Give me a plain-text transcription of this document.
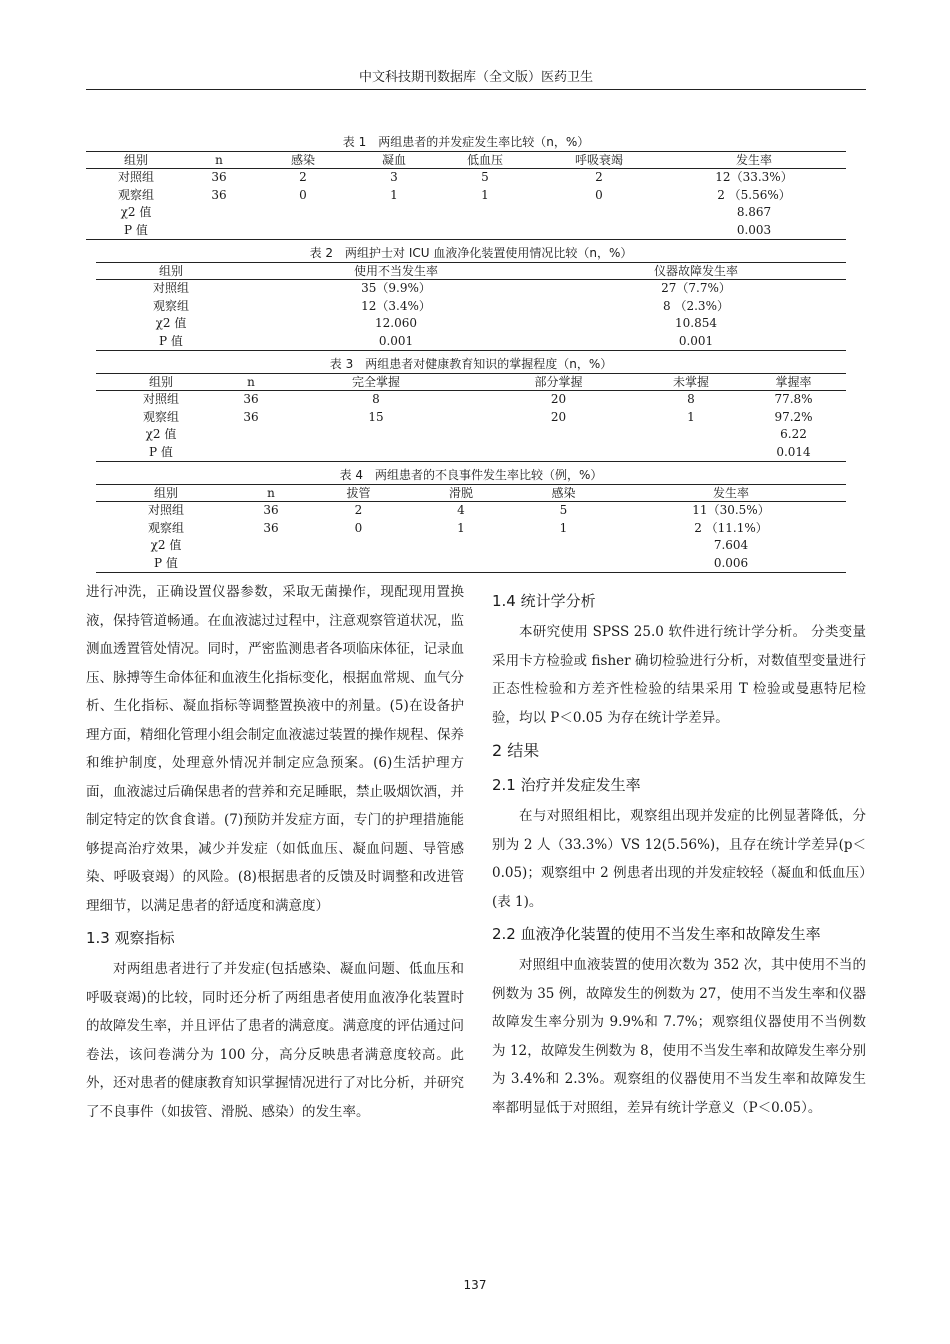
中文科技期刊数据库（全文版）医药卫生
表 1　两组患者的并发症发生率比较（n，%）
组别	n	感染	凝血	低血压	呼吸衰竭	发生率
对照组	36	2	3	5	2	12（33.3%）
观察组	36	0	1	1	0	2 （5.56%）
χ2 值						8.867
P 值						0.003
表 2　两组护士对 ICU 血液净化装置使用情况比较（n，%）
组别	使用不当发生率	仪器故障发生率
对照组	35（9.9%）	27（7.7%）
观察组	12（3.4%）	8 （2.3%）
χ2 值	12.060	10.854
P 值	0.001	0.001
表 3　两组患者对健康教育知识的掌握程度（n，%）
组别	n	完全掌握	部分掌握	未掌握	掌握率
对照组	36	8	20	8	77.8%
观察组	36	15	20	1	97.2%
χ2 值					6.22
P 值					0.014
表 4　两组患者的不良事件发生率比较（例，%）
组别	n	拔管	滑脱	感染	发生率
对照组	36	2	4	5	11（30.5%）
观察组	36	0	1	1	2 （11.1%）
χ2 值					7.604
P 值					0.006

进行冲洗，正确设置仪器参数，采取无菌操作，现配现用置换液，保持管道畅通。在血液滤过过程中，注意观察管道状况，监测血透置管处情况。同时，严密监测患者各项临床体征，记录血压、脉搏等生命体征和血液生化指标变化，根据血常规、血气分析、生化指标、凝血指标等调整置换液中的剂量。(5)在设备护理方面，精细化管理小组会制定血液滤过装置的操作规程、保养和维护制度，处理意外情况并制定应急预案。(6)生活护理方面，血液滤过后确保患者的营养和充足睡眠，禁止吸烟饮酒，并制定特定的饮食食谱。(7)预防并发症方面，专门的护理措施能够提高治疗效果，减少并发症（如低血压、凝血问题、导管感染、呼吸衰竭）的风险。(8)根据患者的反馈及时调整和改进管理细节，以满足患者的舒适度和满意度）

1.3 观察指标

对两组患者进行了并发症(包括感染、凝血问题、低血压和呼吸衰竭)的比较，同时还分析了两组患者使用血液净化装置时的故障发生率，并且评估了患者的满意度。满意度的评估通过问卷法，该问卷满分为 100 分，高分反映患者满意度较高。此外，还对患者的健康教育知识掌握情况进行了对比分析，并研究了不良事件（如拔管、滑脱、感染）的发生率。

1.4 统计学分析

本研究使用 SPSS 25.0 软件进行统计学分析。 分类变量采用卡方检验或 fisher 确切检验进行分析，对数值型变量进行正态性检验和方差齐性检验的结果采用 T 检验或曼惠特尼检验，均以 P＜0.05 为存在统计学差异。

2 结果
2.1 治疗并发症发生率

在与对照组相比，观察组出现并发症的比例显著降低，分别为 2 人（33.3%）VS 12(5.56%)，且存在统计学差异(p＜0.05)；观察组中 2 例患者出现的并发症较轻（凝血和低血压）(表 1)。

2.2 血液净化装置的使用不当发生率和故障发生率

对照组中血液装置的使用次数为 352 次，其中使用不当的例数为 35 例，故障发生的例数为 27，使用不当发生率和仪器故障发生率分别为 9.9%和 7.7%；观察组仪器使用不当例数为 12，故障发生例数为 8，使用不当发生率和故障发生率分别为 3.4%和 2.3%。观察组的仪器使用不当发生率和故障发生率都明显低于对照组，差异有统计学意义（P＜0.05）。

137
